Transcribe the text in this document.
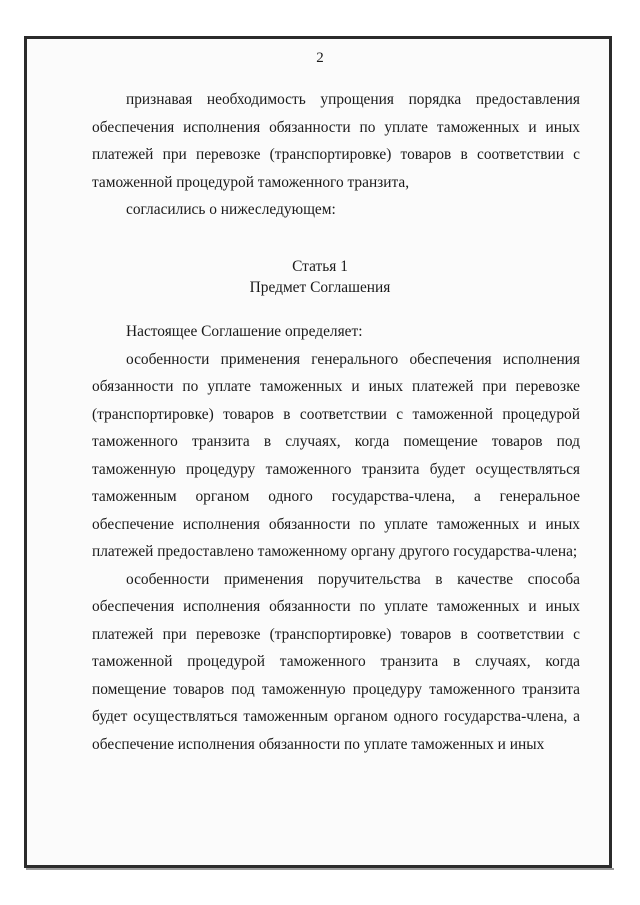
2

признавая необходимость упрощения порядка предоставления обеспечения исполнения обязанности по уплате таможенных и иных платежей при перевозке (транспортировке) товаров в соответствии с таможенной процедурой таможенного транзита,

согласились о нижеследующем:

Статья 1
Предмет Соглашения

Настоящее Соглашение определяет:

особенности применения генерального обеспечения исполнения обязанности по уплате таможенных и иных платежей при перевозке (транспортировке) товаров в соответствии с таможенной процедурой таможенного транзита в случаях, когда помещение товаров под таможенную процедуру таможенного транзита будет осуществляться таможенным органом одного государства-члена, а генеральное обеспечение исполнения обязанности по уплате таможенных и иных платежей предоставлено таможенному органу другого государства-члена;

особенности применения поручительства в качестве способа обеспечения исполнения обязанности по уплате таможенных и иных платежей при перевозке (транспортировке) товаров в соответствии с таможенной процедурой таможенного транзита в случаях, когда помещение товаров под таможенную процедуру таможенного транзита будет осуществляться таможенным органом одного государства-члена, а обеспечение исполнения обязанности по уплате таможенных и иных
